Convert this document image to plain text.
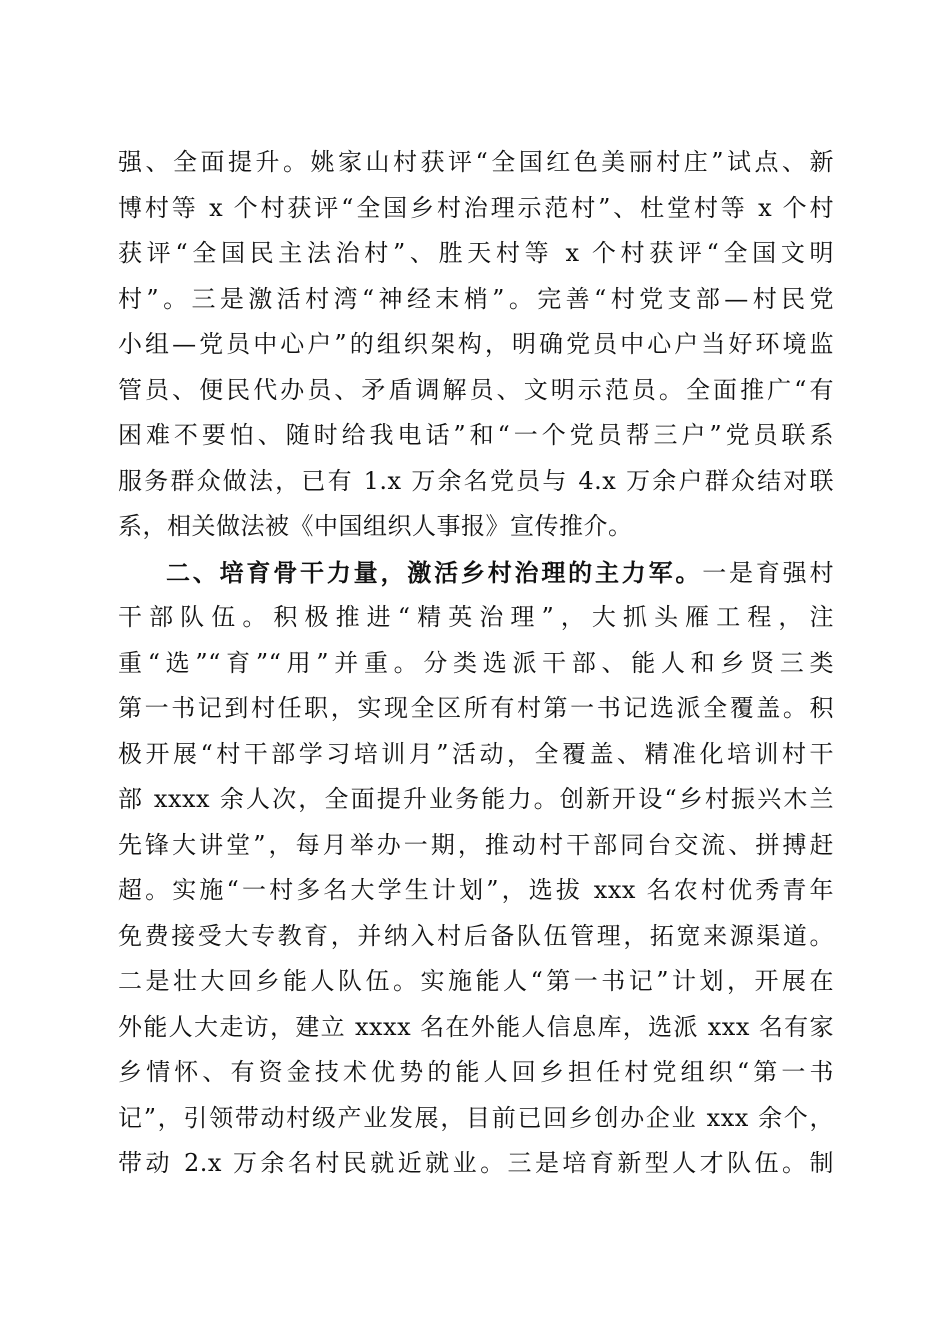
强、全面提升。姚家山村获评“全国红色美丽村庄”试点、新
博村等 x 个村获评“全国乡村治理示范村”、杜堂村等 x 个村
获评“全国民主法治村”、胜天村等 x 个村获评“全国文明
村”。三是激活村湾“神经末梢”。完善“村党支部—村民党
小组—党员中心户”的组织架构，明确党员中心户当好环境监
管员、便民代办员、矛盾调解员、文明示范员。全面推广“有
困难不要怕、随时给我电话”和“一个党员帮三户”党员联系
服务群众做法，已有 1.x 万余名党员与 4.x 万余户群众结对联
系，相关做法被《中国组织人事报》宣传推介。
二、培育骨干力量，激活乡村治理的主力军。一是育强村
干部队伍。积极推进“精英治理”，大抓头雁工程，注
重“选”“育”“用”并重。分类选派干部、能人和乡贤三类
第一书记到村任职，实现全区所有村第一书记选派全覆盖。积
极开展“村干部学习培训月”活动，全覆盖、精准化培训村干
部 xxxx 余人次，全面提升业务能力。创新开设“乡村振兴木兰
先锋大讲堂”，每月举办一期，推动村干部同台交流、拼搏赶
超。实施“一村多名大学生计划”，选拔 xxx 名农村优秀青年
免费接受大专教育，并纳入村后备队伍管理，拓宽来源渠道。
二是壮大回乡能人队伍。实施能人“第一书记”计划，开展在
外能人大走访，建立 xxxx 名在外能人信息库，选派 xxx 名有家
乡情怀、有资金技术优势的能人回乡担任村党组织“第一书
记”，引领带动村级产业发展，目前已回乡创办企业 xxx 余个，
带动 2.x 万余名村民就近就业。三是培育新型人才队伍。制
